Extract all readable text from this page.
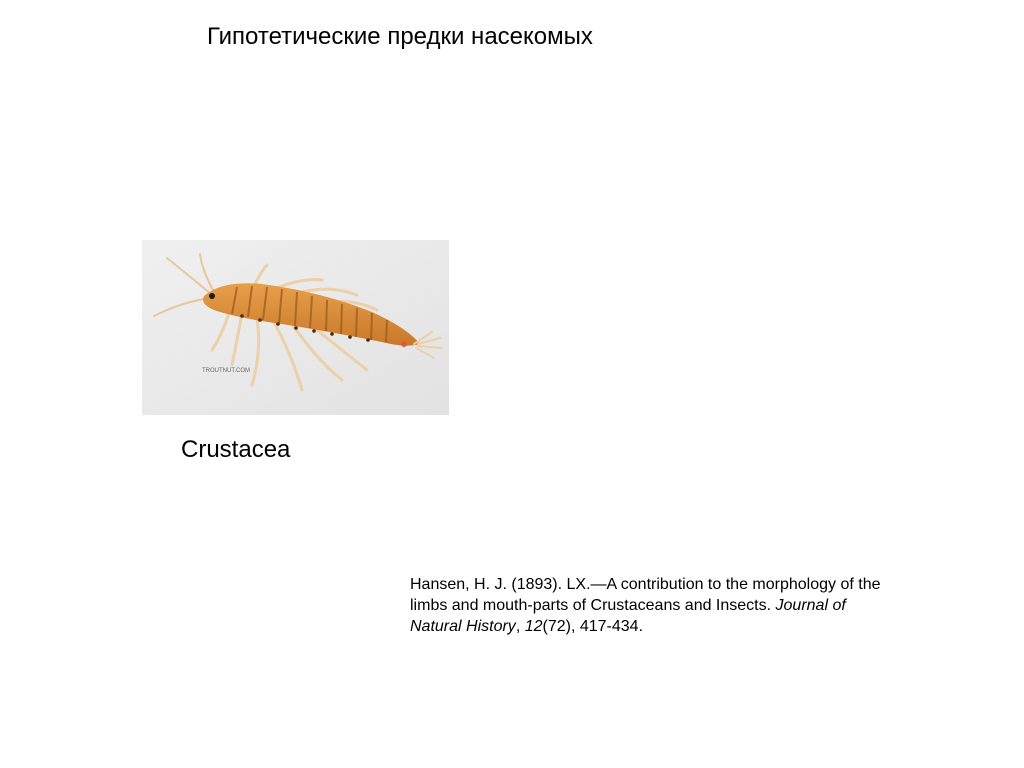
Гипотетические предки насекомых
TROUTNUT.COM
Crustacea
Hansen, H. J. (1893). LX.—A contribution to the morphology of the limbs and mouth-parts of Crustaceans and Insects. Journal of Natural History, 12(72), 417-434.
